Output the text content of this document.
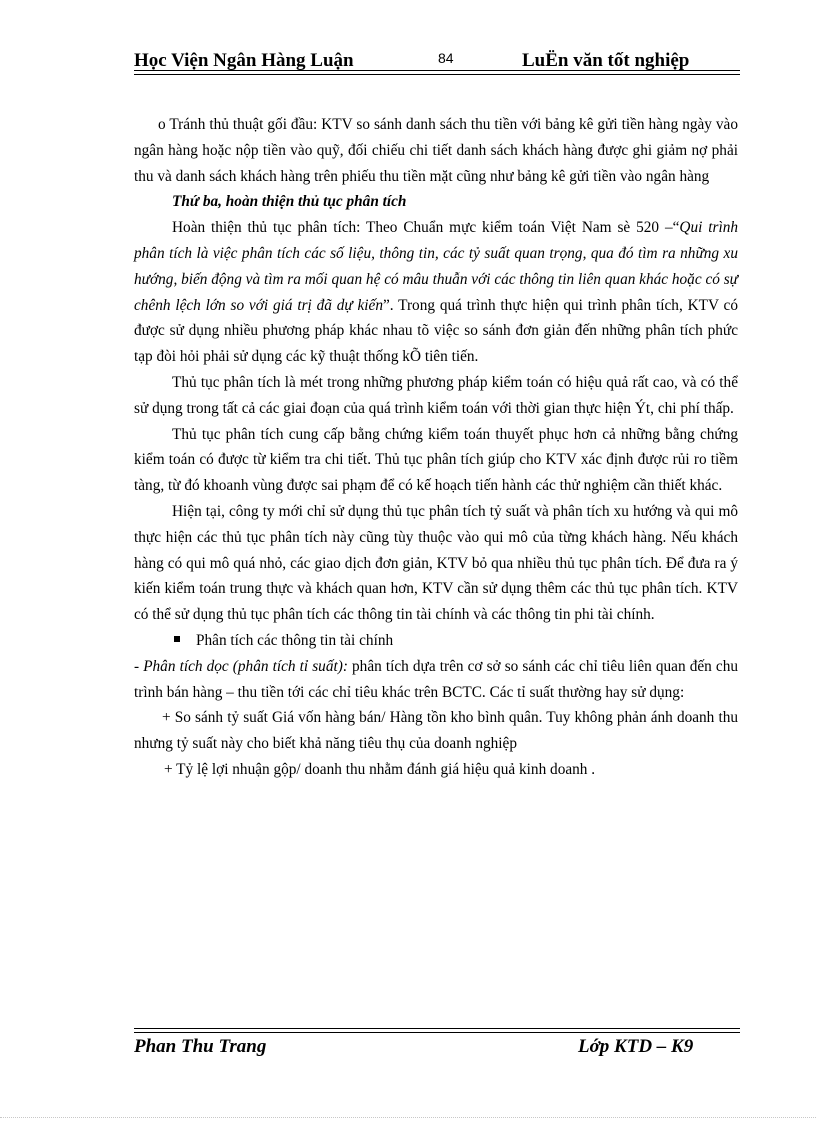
Học Viện Ngân Hàng Luận	84	LuËn văn tốt nghiệp

o Tránh thủ thuật gối đầu: KTV so sánh danh sách thu tiền với bảng kê gửi tiền hàng ngày vào ngân hàng hoặc nộp tiền vào quỹ, đối chiếu chi tiết danh sách khách hàng được ghi giảm nợ phải thu và danh sách khách hàng trên phiếu thu tiền mặt cũng như bảng kê gửi tiền vào ngân hàng

Thứ ba, hoàn thiện thủ tục phân tích

Hoàn thiện thủ tục phân tích: Theo Chuẩn mực kiểm toán Việt Nam sè 520 –“Qui trình phân tích là việc phân tích các số liệu, thông tin, các tỷ suất quan trọng, qua đó tìm ra những xu hướng, biến động và tìm ra mối quan hệ có mâu thuẫn với các thông tin liên quan khác hoặc có sự chênh lệch lớn so với giá trị đã dự kiến”. Trong quá trình thực hiện qui trình phân tích, KTV có được sử dụng nhiều phương pháp khác nhau tõ việc so sánh đơn giản đến những phân tích phức tạp đòi hỏi phải sử dụng các kỹ thuật thống kÕ tiên tiến.

Thủ tục phân tích là mét trong những phương pháp kiểm toán có hiệu quả rất cao, và có thể sử dụng trong tất cả các giai đoạn của quá trình kiểm toán với thời gian thực hiện Ýt, chi phí thấp.

Thủ tục phân tích cung cấp bằng chứng kiểm toán thuyết phục hơn cả những bằng chứng kiểm toán có được từ kiểm tra chi tiết. Thủ tục phân tích giúp cho KTV xác định được rủi ro tiềm tàng, từ đó khoanh vùng được sai phạm để có kế hoạch tiến hành các thử nghiệm cần thiết khác.

Hiện tại, công ty mới chỉ sử dụng thủ tục phân tích tỷ suất và phân tích xu hướng và qui mô thực hiện các thủ tục phân tích này cũng tùy thuộc vào qui mô của từng khách hàng. Nếu khách hàng có qui mô quá nhỏ, các giao dịch đơn giản, KTV bỏ qua nhiều thủ tục phân tích. Để đưa ra ý kiến kiểm toán trung thực và khách quan hơn, KTV cần sử dụng thêm các thủ tục phân tích. KTV có thể sử dụng thủ tục phân tích các thông tin tài chính và các thông tin phi tài chính.

Phân tích các thông tin tài chính

- Phân tích dọc (phân tích tỉ suất): phân tích dựa trên cơ sở so sánh các chỉ tiêu liên quan đến chu trình bán hàng – thu tiền tới các chỉ tiêu khác trên BCTC. Các tỉ suất thường hay sử dụng:

+ So sánh tỷ suất Giá vốn hàng bán/ Hàng tồn kho bình quân. Tuy không phản ánh doanh thu nhưng tỷ suất này cho biết khả năng tiêu thụ của doanh nghiệp

+ Tỷ lệ lợi nhuận gộp/ doanh thu nhằm đánh giá hiệu quả kinh doanh .

Phan Thu Trang	Lớp KTD – K9
